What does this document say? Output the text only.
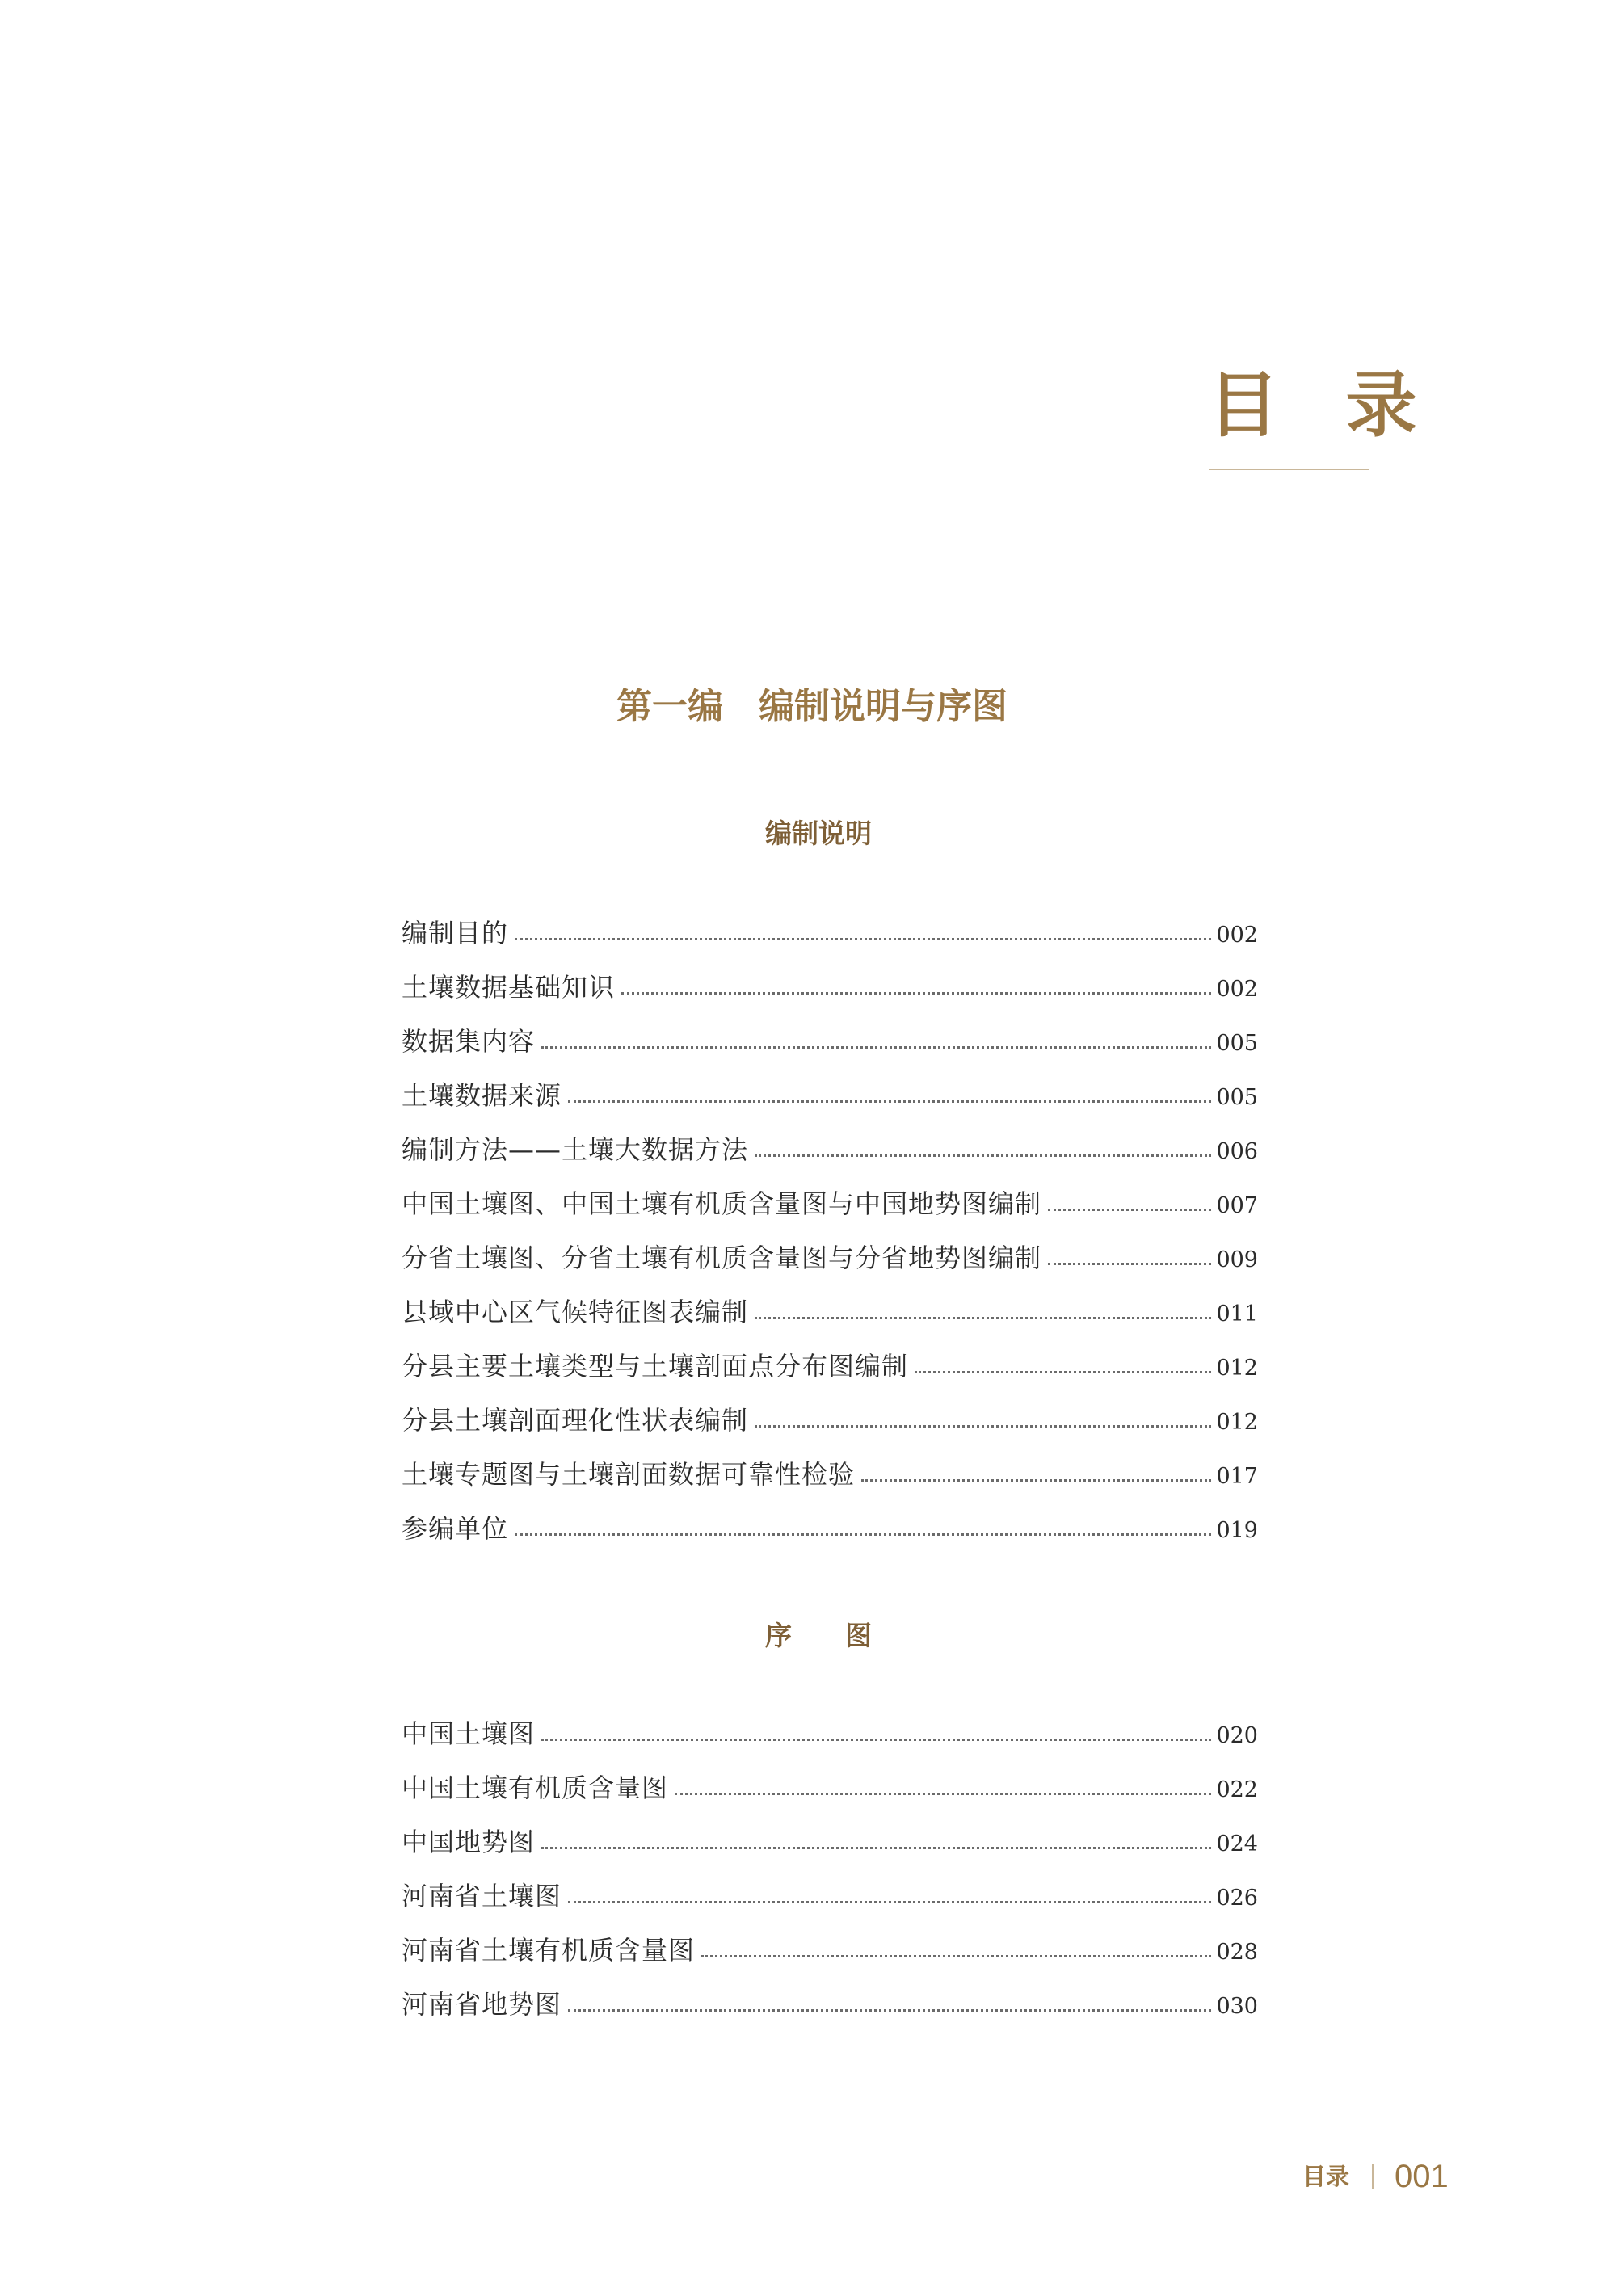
目 录
第一编　编制说明与序图
编制说明
编制目的	002
土壤数据基础知识	002
数据集内容	005
土壤数据来源	005
编制方法——土壤大数据方法	006
中国土壤图、中国土壤有机质含量图与中国地势图编制	007
分省土壤图、分省土壤有机质含量图与分省地势图编制	009
县域中心区气候特征图表编制	011
分县主要土壤类型与土壤剖面点分布图编制	012
分县土壤剖面理化性状表编制	012
土壤专题图与土壤剖面数据可靠性检验	017
参编单位	019
序　　图
中国土壤图	020
中国土壤有机质含量图	022
中国地势图	024
河南省土壤图	026
河南省土壤有机质含量图	028
河南省地势图	030
目录 001
